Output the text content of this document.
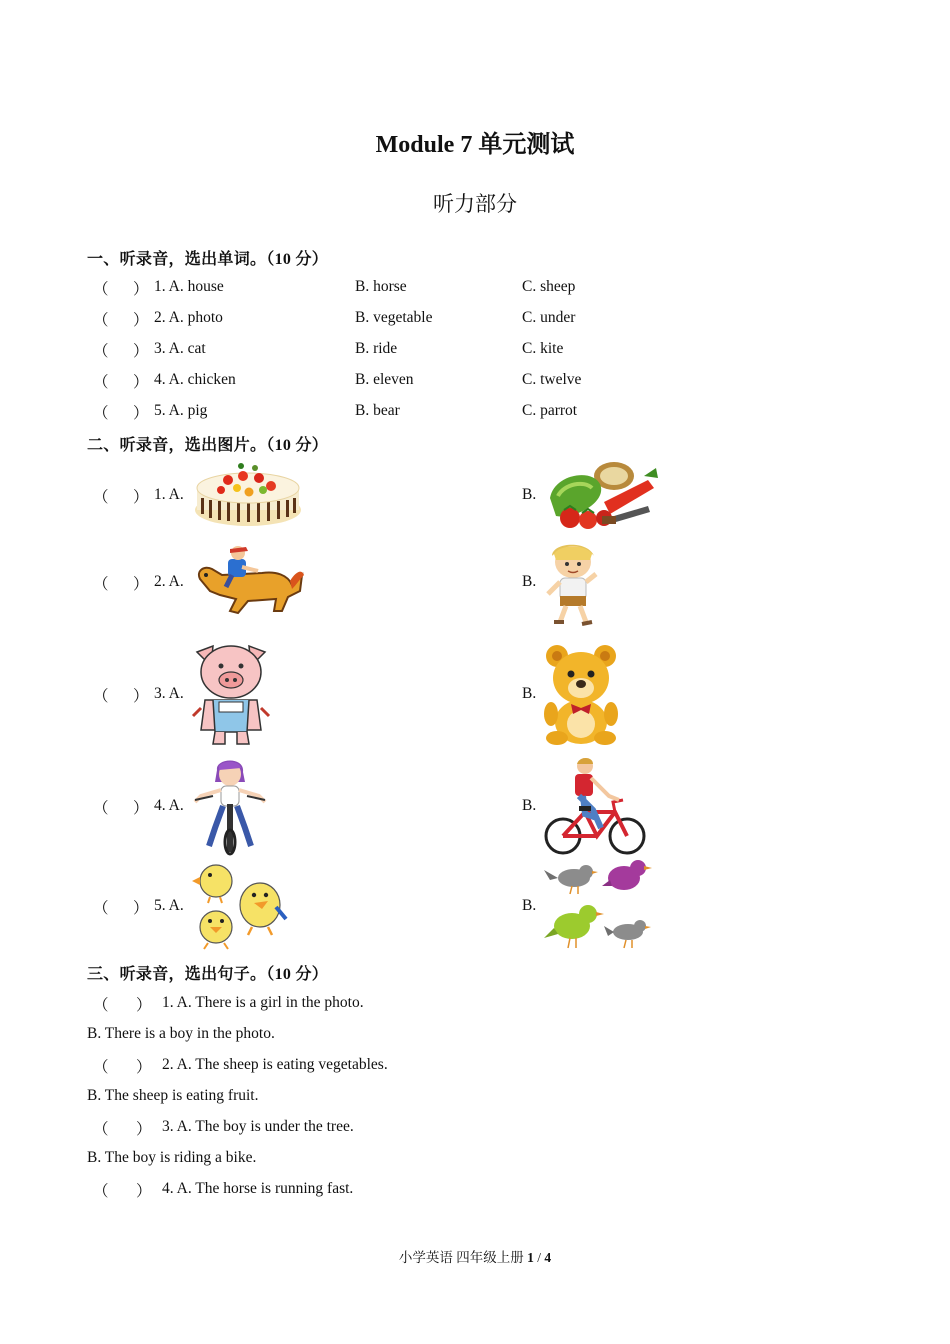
Module 7 单元测试
听力部分
一、听录音，选出单词。（10 分）
（ ） 1. A. house	B. horse	C. sheep
（ ） 2. A. photo	B. vegetable	C. under
（ ） 3. A. cat	B. ride	C. kite
（ ） 4. A. chicken	B. eleven	C. twelve
（ ） 5. A. pig	B. bear	C. parrot
二、听录音，选出图片。（10 分）
（ ） 1. A.	B.
（ ） 2. A.	B.
（ ） 3. A.	B.
（ ） 4. A.	B.
（ ） 5. A.	B.
三、听录音，选出句子。（10 分）
（ ） 1. A. There is a girl in the photo.
B. There is a boy in the photo.
（ ） 2. A. The sheep is eating vegetables.
B. The sheep is eating fruit.
（ ） 3. A. The boy is under the tree.
B. The boy is riding a bike.
（ ） 4. A. The horse is running fast.
小学英语 四年级上册 1 / 4
